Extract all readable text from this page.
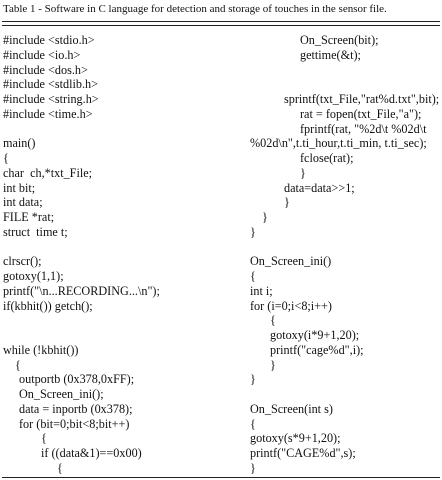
Table 1 - Software in C language for detection and storage of touches in the sensor file.
#include <stdio.h>
#include <io.h>
#include <dos.h>
#include <stdlib.h>
#include <string.h>
#include <time.h>
main()
{
char  ch,*txt_File;
int bit;
int data;
FILE *rat;
struct  time t;
clrscr();
gotoxy(1,1);
printf("\n...RECORDING...\n");
if(kbhit()) getch();
while (!kbhit())
{
outportb (0x378,0xFF);
On_Screen_ini();
data = inportb (0x378);
for (bit=0;bit<8;bit++)
{
if ((data&1)==0x00)
{
On_Screen(bit);
gettime(&t);
sprintf(txt_File,"rat%d.txt",bit);
rat = fopen(txt_File,"a");
fprintf(rat, "%2d\t %02d\t
%02d\n",t.ti_hour,t.ti_min, t.ti_sec);
fclose(rat);
}
data=data>>1;
}
}
}
On_Screen_ini()
{
int i;
for (i=0;i<8;i++)
{
gotoxy(i*9+1,20);
printf("cage%d",i);
}
}
On_Screen(int s)
{
gotoxy(s*9+1,20);
printf("CAGE%d",s);
}
